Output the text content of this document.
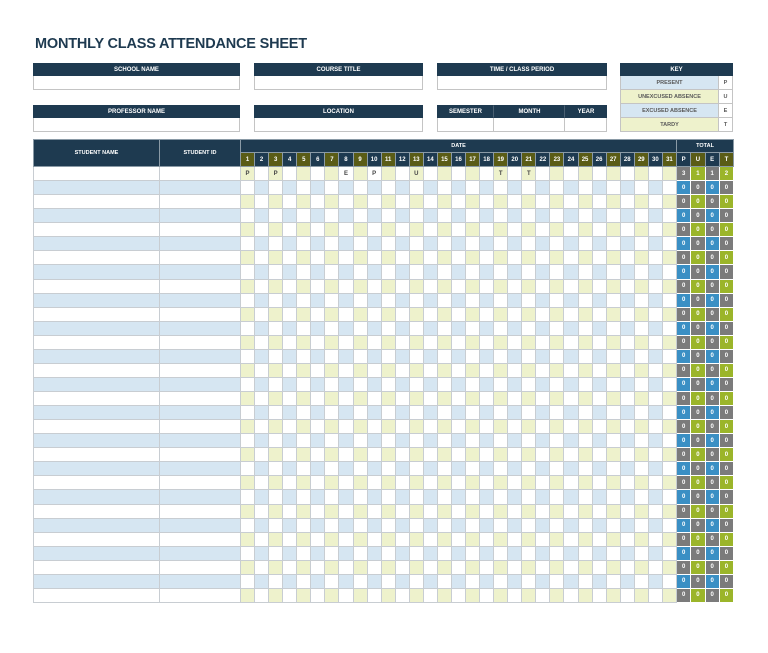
MONTHLY CLASS ATTENDANCE SHEET
SCHOOL NAME	COURSE TITLE	TIME / CLASS PERIOD
PROFESSOR NAME	LOCATION	SEMESTER	MONTH	YEAR
KEY
PRESENT	P
UNEXCUSED ABSENCE	U
EXCUSED ABSENCE	E
TARDY	T
STUDENT NAME	STUDENT ID	DATE																															TOTAL			
		1	2	3	4	5	6	7	8	9	10	11	12	13	14	15	16	17	18	19	20	21	22	23	24	25	26	27	28	29	30	31	P	U	E	T
		P		P					E		P			U						T		T											3	1	1	2
																																	0	0	0	0
																																	0	0	0	0
																																	0	0	0	0
																																	0	0	0	0
																																	0	0	0	0
																																	0	0	0	0
																																	0	0	0	0
																																	0	0	0	0
																																	0	0	0	0
																																	0	0	0	0
																																	0	0	0	0
																																	0	0	0	0
																																	0	0	0	0
																																	0	0	0	0
																																	0	0	0	0
																																	0	0	0	0
																																	0	0	0	0
																																	0	0	0	0
																																	0	0	0	0
																																	0	0	0	0
																																	0	0	0	0
																																	0	0	0	0
																																	0	0	0	0
																																	0	0	0	0
																																	0	0	0	0
																																	0	0	0	0
																																	0	0	0	0
																																	0	0	0	0
																																	0	0	0	0
																																	0	0	0	0
